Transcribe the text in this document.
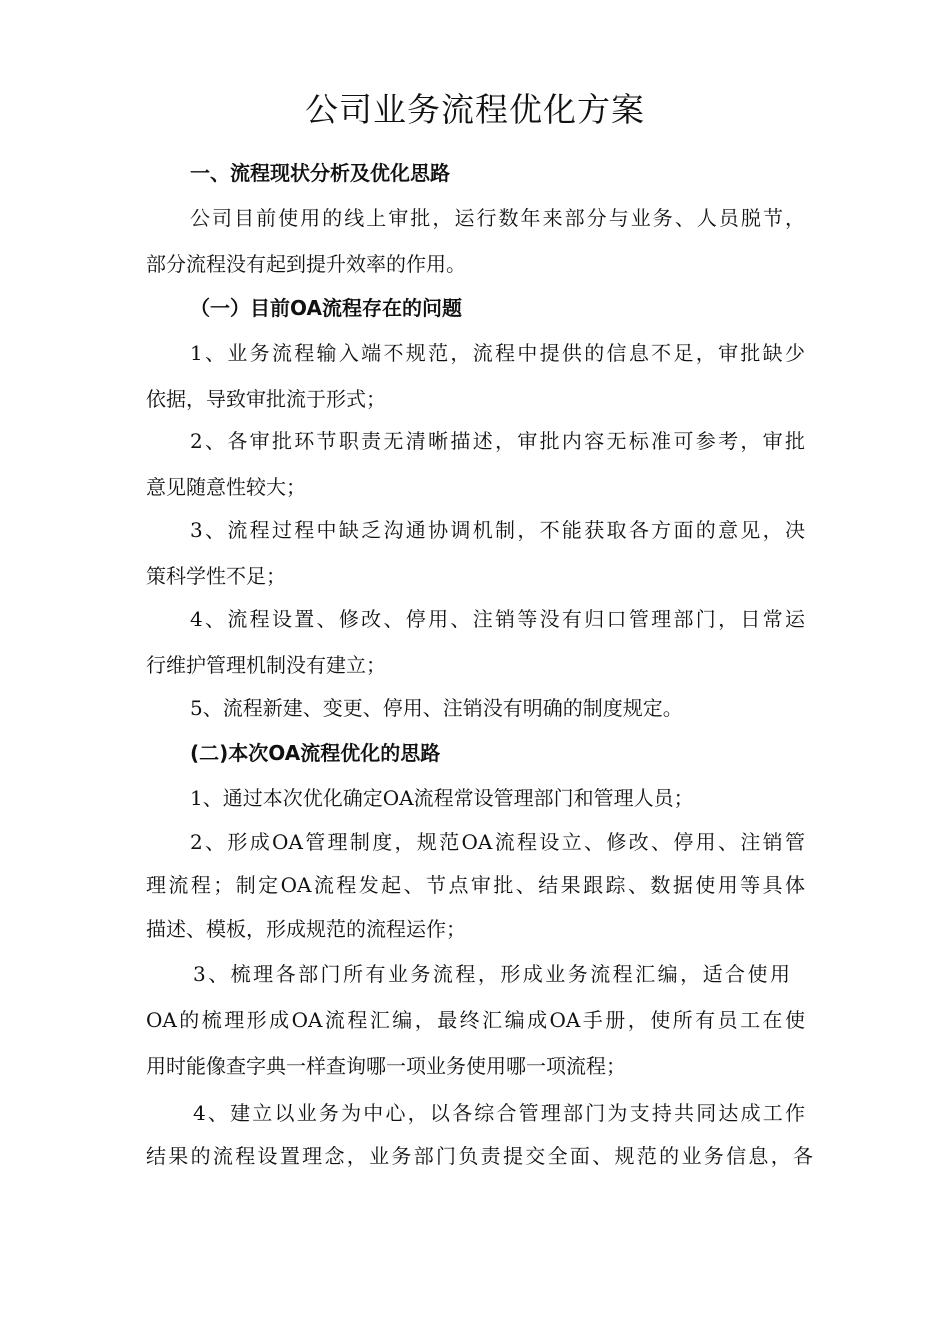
公司业务流程优化方案
一、流程现状分析及优化思路
公司目前使用的线上审批，运行数年来部分与业务、人员脱节，
部分流程没有起到提升效率的作用。
（一）目前OA流程存在的问题
1、业务流程输入端不规范，流程中提供的信息不足，审批缺少
依据，导致审批流于形式；
2、各审批环节职责无清晰描述，审批内容无标准可参考，审批
意见随意性较大；
3、流程过程中缺乏沟通协调机制，不能获取各方面的意见，决
策科学性不足；
4、流程设置、修改、停用、注销等没有归口管理部门，日常运
行维护管理机制没有建立；
5、流程新建、变更、停用、注销没有明确的制度规定。
(二)本次OA流程优化的思路
1、通过本次优化确定OA流程常设管理部门和管理人员；
2、形成OA管理制度，规范OA流程设立、修改、停用、注销管
理流程；制定OA流程发起、节点审批、结果跟踪、数据使用等具体
描述、模板，形成规范的流程运作；
3、梳理各部门所有业务流程，形成业务流程汇编，适合使用
OA的梳理形成OA流程汇编，最终汇编成OA手册，使所有员工在使
用时能像查字典一样查询哪一项业务使用哪一项流程；
4、建立以业务为中心，以各综合管理部门为支持共同达成工作
结果的流程设置理念，业务部门负责提交全面、规范的业务信息，各
